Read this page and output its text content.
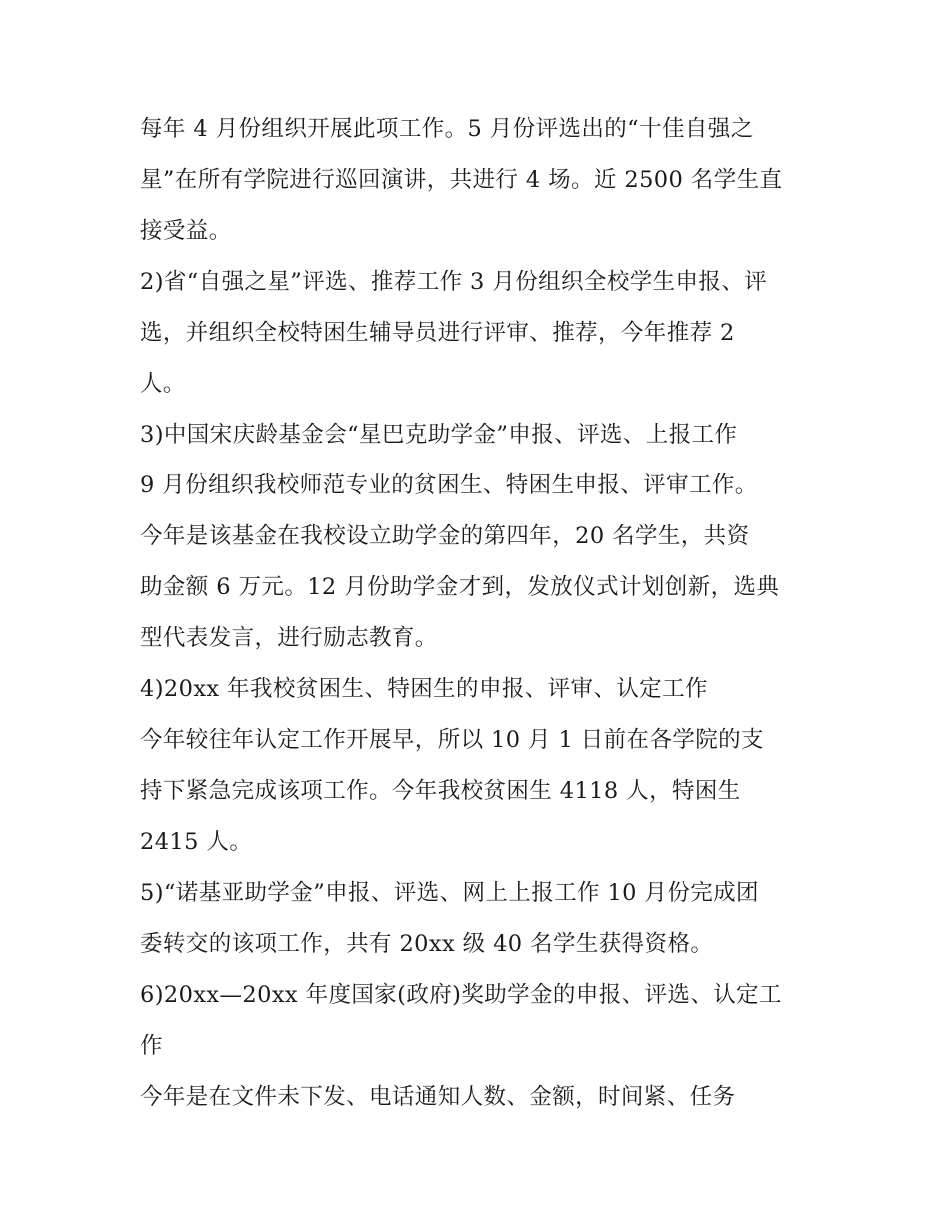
每年 4 月份组织开展此项工作。5 月份评选出的“十佳自强之
星”在所有学院进行巡回演讲，共进行 4 场。近 2500 名学生直
接受益。
2)省“自强之星”评选、推荐工作 3 月份组织全校学生申报、评
选，并组织全校特困生辅导员进行评审、推荐，今年推荐 2
人。
3)中国宋庆龄基金会“星巴克助学金”申报、评选、上报工作
9 月份组织我校师范专业的贫困生、特困生申报、评审工作。
今年是该基金在我校设立助学金的第四年，20 名学生，共资
助金额 6 万元。12 月份助学金才到，发放仪式计划创新，选典
型代表发言，进行励志教育。
4)20xx 年我校贫困生、特困生的申报、评审、认定工作
今年较往年认定工作开展早，所以 10 月 1 日前在各学院的支
持下紧急完成该项工作。今年我校贫困生 4118 人，特困生
2415 人。
5)“诺基亚助学金”申报、评选、网上上报工作 10 月份完成团
委转交的该项工作，共有 20xx 级 40 名学生获得资格。
6)20xx—20xx 年度国家(政府)奖助学金的申报、评选、认定工
作
今年是在文件未下发、电话通知人数、金额，时间紧、任务
